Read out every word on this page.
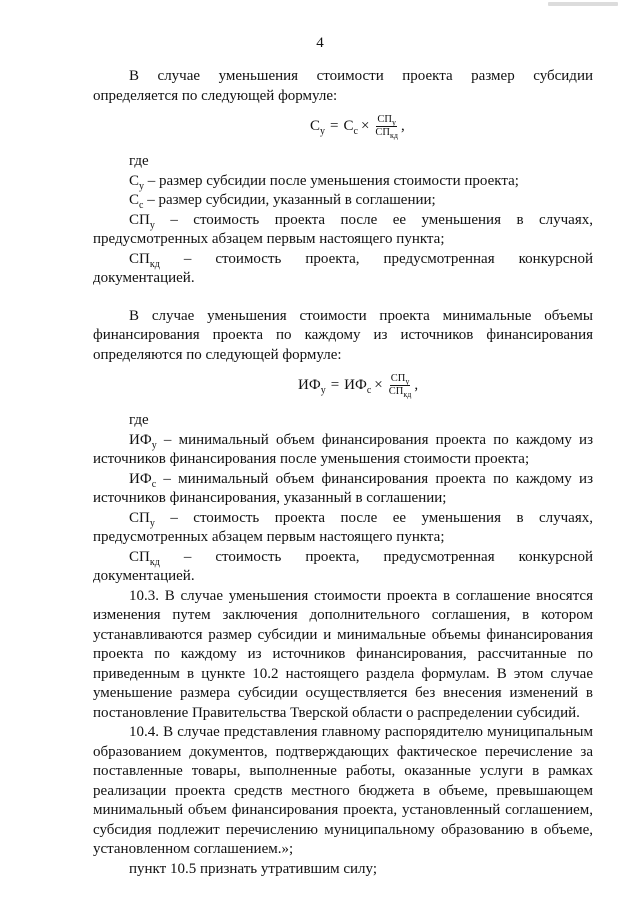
4

В случае уменьшения стоимости проекта размер субсидии определяется по следующей формуле:

$С_у = С_с \times \frac{СП_у}{СП_{кд}}$ ,

где

$С_у$ – размер субсидии после уменьшения стоимости проекта;

$С_с$ – размер субсидии, указанный в соглашении;

$СП_у$ – стоимость проекта после ее уменьшения в случаях,

предусмотренных абзацем первым настоящего пункта;

$СП_{кд}$ – стоимость проекта, предусмотренная конкурсной

документацией.

В случае уменьшения стоимости проекта минимальные объемы финансирования проекта по каждому из источников финансирования определяются по следующей формуле:

$ИФ_у = ИФ_с \times \frac{СП_у}{СП_{кд}}$ ,

где

$ИФ_у$ – минимальный объем финансирования проекта по каждому из

источников финансирования после уменьшения стоимости проекта;

$ИФ_с$ – минимальный объем финансирования проекта по каждому из

источников финансирования, указанный в соглашении;

$СП_у$ – стоимость проекта после ее уменьшения в случаях,

предусмотренных абзацем первым настоящего пункта;

$СП_{кд}$ – стоимость проекта, предусмотренная конкурсной

документацией.

10.3. В случае уменьшения стоимости проекта в соглашение вносятся изменения путем заключения дополнительного соглашения, в котором устанавливаются размер субсидии и минимальные объемы финансирования проекта по каждому из источников финансирования, рассчитанные по приведенным в цункте 10.2 настоящего раздела формулам. В этом случае уменьшение размера субсидии осуществляется без внесения изменений в постановление Правительства Тверской области о распределении субсидий.

10.4. В случае представления главному распорядителю муниципальным образованием документов, подтверждающих фактическое перечисление за поставленные товары, выполненные работы, оказанные услуги в рамках реализации проекта средств местного бюджета в объеме, превышающем минимальный объем финансирования проекта, установленный соглашением, субсидия подлежит перечислению муниципальному образованию в объеме, установленном соглашением.»;

пункт 10.5 признать утратившим силу;
